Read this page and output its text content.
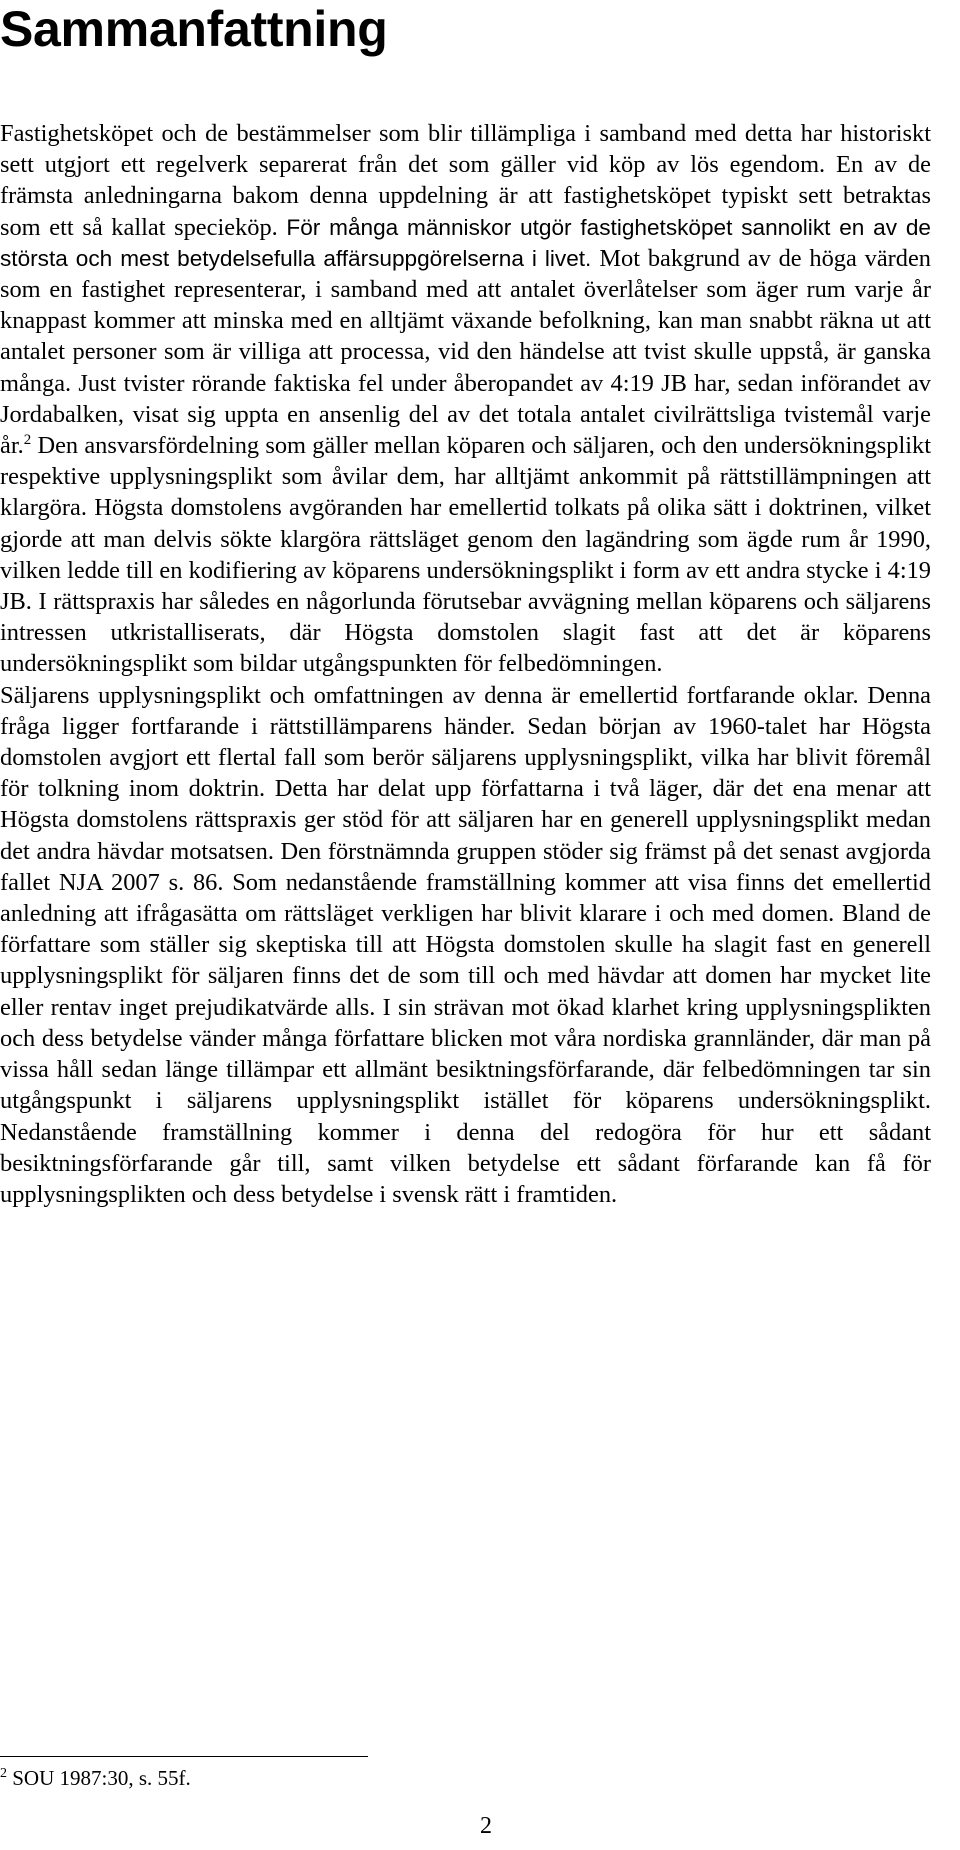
Sammanfattning

Fastighetsköpet och de bestämmelser som blir tillämpliga i samband med detta har historiskt sett utgjort ett regelverk separerat från det som gäller vid köp av lös egendom. En av de främsta anledningarna bakom denna uppdelning är att fastighetsköpet typiskt sett betraktas som ett så kallat specieköp. För många människor utgör fastighetsköpet sannolikt en av de största och mest betydelsefulla affärsuppgörelserna i livet. Mot bakgrund av de höga värden som en fastighet representerar, i samband med att antalet överlåtelser som äger rum varje år knappast kommer att minska med en alltjämt växande befolkning, kan man snabbt räkna ut att antalet personer som är villiga att processa, vid den händelse att tvist skulle uppstå, är ganska många. Just tvister rörande faktiska fel under åberopandet av 4:19 JB har, sedan införandet av Jordabalken, visat sig uppta en ansenlig del av det totala antalet civilrättsliga tvistemål varje år.$^2$ Den ansvarsfördelning som gäller mellan köparen och säljaren, och den undersökningsplikt respektive upplysningsplikt som åvilar dem, har alltjämt ankommit på rättstillämpningen att klargöra. Högsta domstolens avgöranden har emellertid tolkats på olika sätt i doktrinen, vilket gjorde att man delvis sökte klargöra rättsläget genom den lagändring som ägde rum år 1990, vilken ledde till en kodifiering av köparens undersökningsplikt i form av ett andra stycke i 4:19 JB. I rättspraxis har således en någorlunda förutsebar avvägning mellan köparens och säljarens intressen utkristalliserats, där Högsta domstolen slagit fast att det är köparens undersökningsplikt som bildar utgångspunkten för felbedömningen.

Säljarens upplysningsplikt och omfattningen av denna är emellertid fortfarande oklar. Denna fråga ligger fortfarande i rättstillämparens händer. Sedan början av 1960-talet har Högsta domstolen avgjort ett flertal fall som berör säljarens upplysningsplikt, vilka har blivit föremål för tolkning inom doktrin. Detta har delat upp författarna i två läger, där det ena menar att Högsta domstolens rättspraxis ger stöd för att säljaren har en generell upplysningsplikt medan det andra hävdar motsatsen. Den förstnämnda gruppen stöder sig främst på det senast avgjorda fallet NJA 2007 s. 86. Som nedanstående framställning kommer att visa finns det emellertid anledning att ifrågasätta om rättsläget verkligen har blivit klarare i och med domen. Bland de författare som ställer sig skeptiska till att Högsta domstolen skulle ha slagit fast en generell upplysningsplikt för säljaren finns det de som till och med hävdar att domen har mycket lite eller rentav inget prejudikatvärde alls. I sin strävan mot ökad klarhet kring upplysningsplikten och dess betydelse vänder många författare blicken mot våra nordiska grannländer, där man på vissa håll sedan länge tillämpar ett allmänt besiktningsförfarande, där felbedömningen tar sin utgångspunkt i säljarens upplysningsplikt istället för köparens undersökningsplikt. Nedanstående framställning kommer i denna del redogöra för hur ett sådant besiktningsförfarande går till, samt vilken betydelse ett sådant förfarande kan få för upplysningsplikten och dess betydelse i svensk rätt i framtiden.

$^2$ SOU 1987:30, s. 55f.
2
